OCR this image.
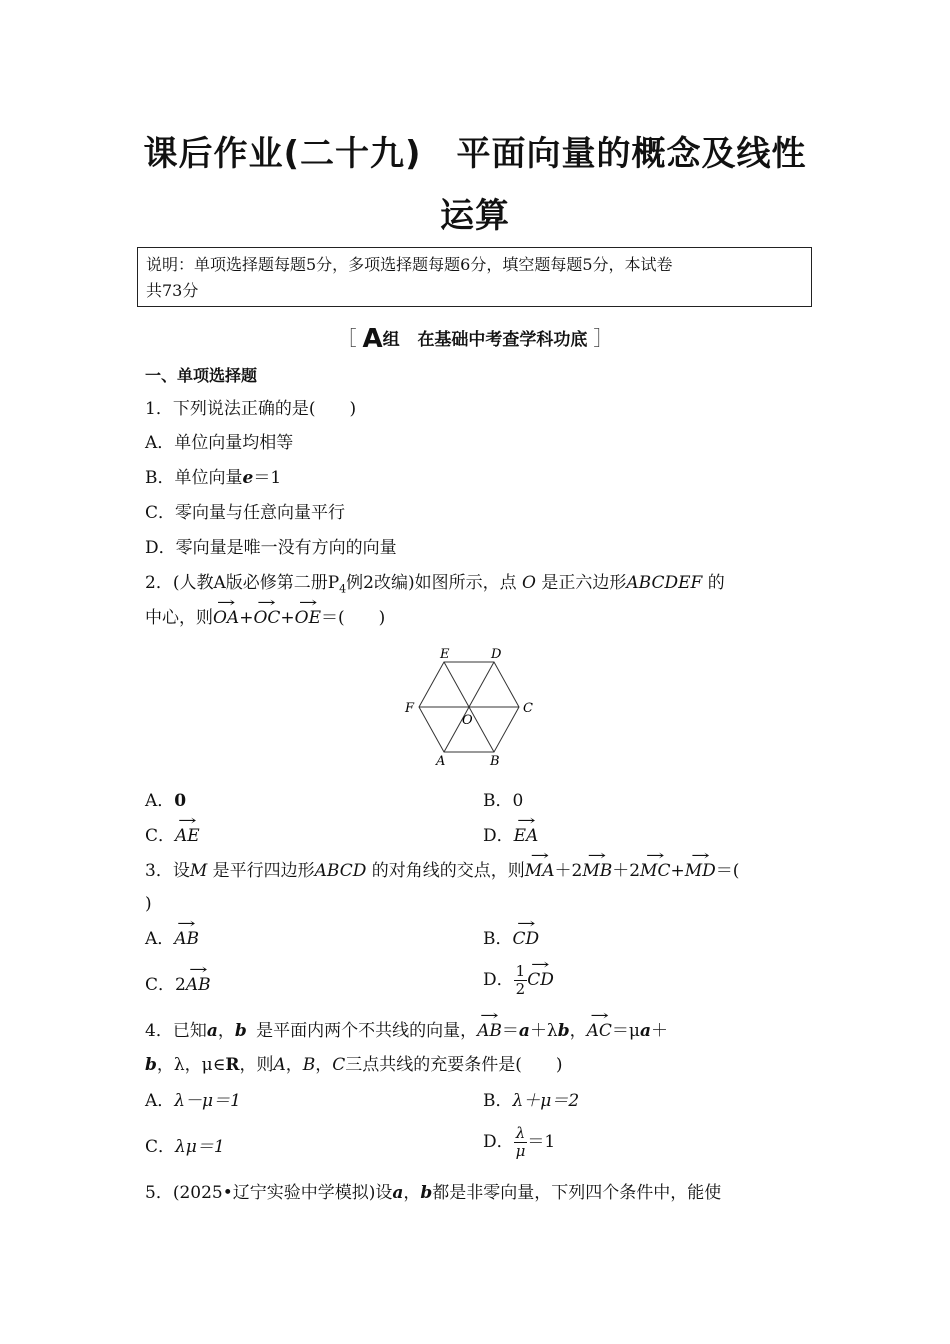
课后作业(二十九)　平面向量的概念及线性
运算
说明：单项选择题每题5分，多项选择题每题6分，填空题每题5分，本试卷
共73分
［ A组 在基础中考查学科功底 ］
一、单项选择题
1．下列说法正确的是(　　)
A．单位向量均相等
B．单位向量e＝1
C．零向量与任意向量平行
D．零向量是唯一没有方向的向量
2．(人教A版必修第二册$P_4$例2改编)如图所示，点 O 是正六边形ABCDEF 的
中心，则OA →+OC →+OE →＝(　　)
E	D
F	C
O
A	B
A．0	B．0
C．AE →	D．EA →
3．设M 是平行四边形ABCD 的对角线的交点，则MA →＋2MB →＋2MC →+MD →＝(
)
A．AB →	B．CD →
C．2AB →	D． $\frac{1}{2}$ CD →
4．已知a，b 是平面内两个不共线的向量，AB →＝a＋λb，AC →＝μa＋
b，λ，μ∈R，则A，B，C三点共线的充要条件是(　　)
A．λ－μ＝1	B．λ＋μ＝2
C．λμ＝1	D． $\frac{\lambda}{\mu} =1$
5．(2025•辽宁实验中学模拟)设a，b都是非零向量，下列四个条件中，能使
